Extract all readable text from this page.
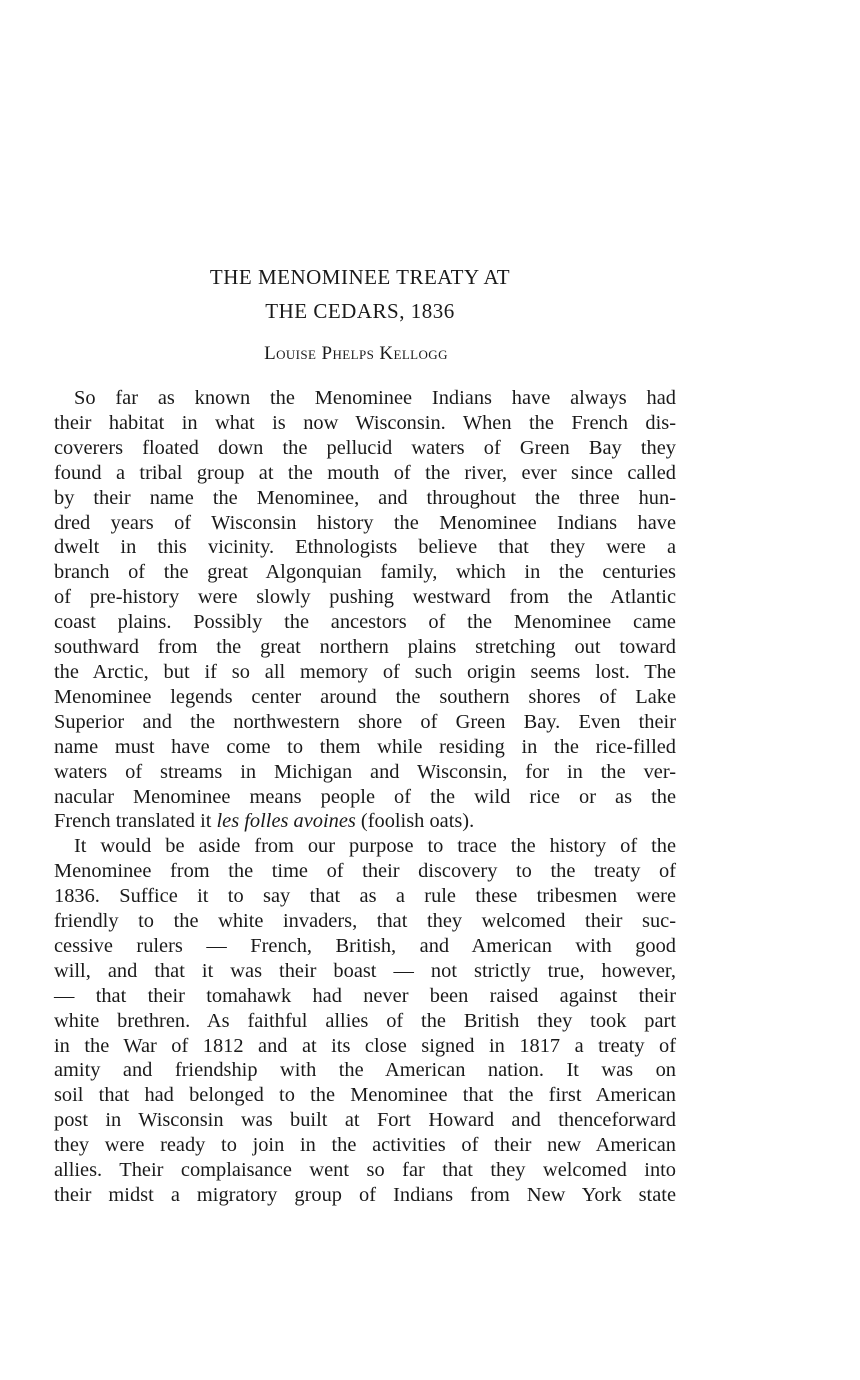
THE MENOMINEE TREATY AT
THE CEDARS, 1836

Louise Phelps Kellogg

So far as known the Menominee Indians have always had
their habitat in what is now Wisconsin. When the French dis-
coverers floated down the pellucid waters of Green Bay they
found a tribal group at the mouth of the river, ever since called
by their name the Menominee, and throughout the three hun-
dred years of Wisconsin history the Menominee Indians have
dwelt in this vicinity. Ethnologists believe that they were a
branch of the great Algonquian family, which in the centuries
of pre-history were slowly pushing westward from the Atlantic
coast plains. Possibly the ancestors of the Menominee came
southward from the great northern plains stretching out toward
the Arctic, but if so all memory of such origin seems lost. The
Menominee legends center around the southern shores of Lake
Superior and the northwestern shore of Green Bay. Even their
name must have come to them while residing in the rice-filled
waters of streams in Michigan and Wisconsin, for in the ver-
nacular Menominee means people of the wild rice or as the
French translated it les folles avoines (foolish oats).

It would be aside from our purpose to trace the history of the
Menominee from the time of their discovery to the treaty of
1836. Suffice it to say that as a rule these tribesmen were
friendly to the white invaders, that they welcomed their suc-
cessive rulers — French, British, and American with good
will, and that it was their boast — not strictly true, however,
— that their tomahawk had never been raised against their
white brethren. As faithful allies of the British they took part
in the War of 1812 and at its close signed in 1817 a treaty of
amity and friendship with the American nation. It was on
soil that had belonged to the Menominee that the first American
post in Wisconsin was built at Fort Howard and thenceforward
they were ready to join in the activities of their new American
allies. Their complaisance went so far that they welcomed into
their midst a migratory group of Indians from New York state
